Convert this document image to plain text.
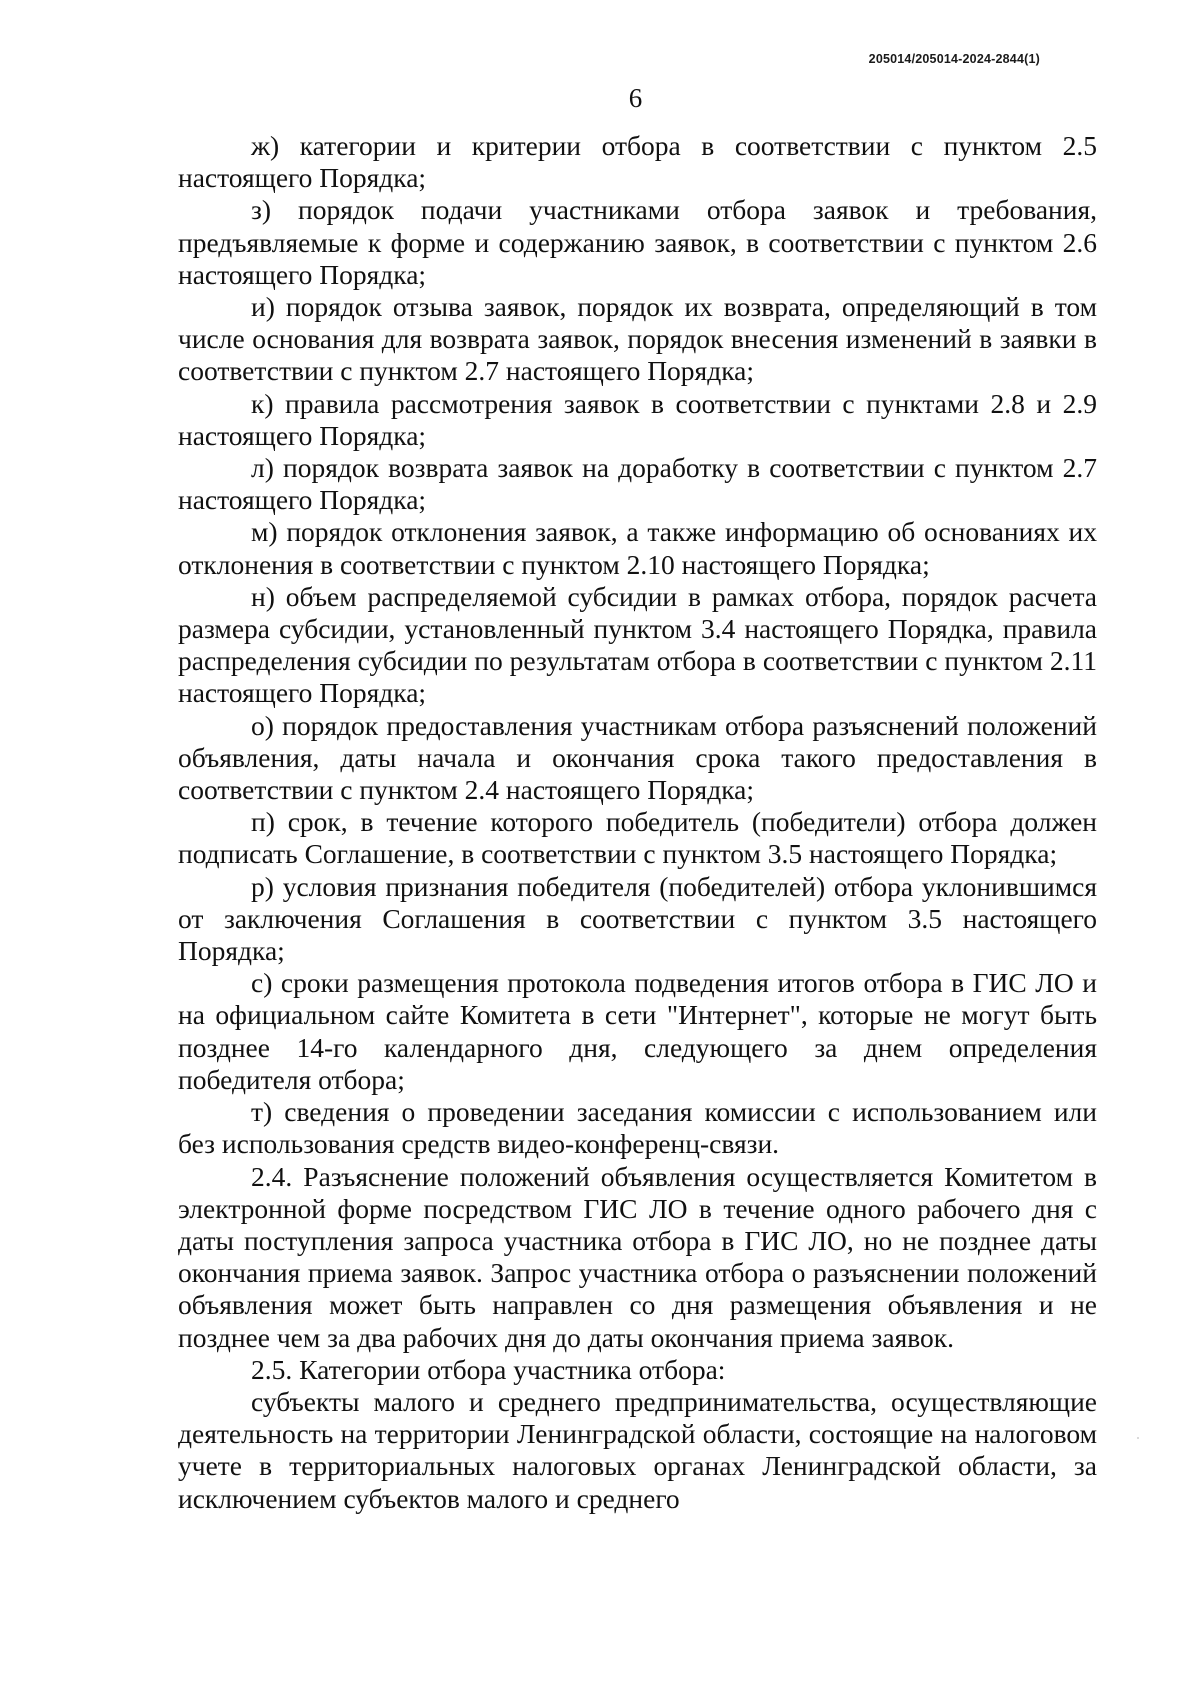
205014/205014-2024-2844(1)
6

ж) категории и критерии отбора в соответствии с пунктом 2.5 настоящего Порядка;

з) порядок подачи участниками отбора заявок и требования, предъявляемые к форме и содержанию заявок, в соответствии с пунктом 2.6 настоящего Порядка;

и) порядок отзыва заявок, порядок их возврата, определяющий в том числе основания для возврата заявок, порядок внесения изменений в заявки в соответствии с пунктом 2.7 настоящего Порядка;

к) правила рассмотрения заявок в соответствии с пунктами 2.8 и 2.9 настоящего Порядка;

л) порядок возврата заявок на доработку в соответствии с пунктом 2.7 настоящего Порядка;

м) порядок отклонения заявок, а также информацию об основаниях их отклонения в соответствии с пунктом 2.10 настоящего Порядка;

н) объем распределяемой субсидии в рамках отбора, порядок расчета размера субсидии, установленный пунктом 3.4 настоящего Порядка, правила распределения субсидии по результатам отбора в соответствии с пунктом 2.11 настоящего Порядка;

о) порядок предоставления участникам отбора разъяснений положений объявления, даты начала и окончания срока такого предоставления в соответствии с пунктом 2.4 настоящего Порядка;

п) срок, в течение которого победитель (победители) отбора должен подписать Соглашение, в соответствии с пунктом 3.5 настоящего Порядка;

р) условия признания победителя (победителей) отбора уклонившимся от заключения Соглашения в соответствии с пунктом 3.5 настоящего Порядка;

с) сроки размещения протокола подведения итогов отбора в ГИС ЛО и на официальном сайте Комитета в сети "Интернет", которые не могут быть позднее 14-го календарного дня, следующего за днем определения победителя отбора;

т) сведения о проведении заседания комиссии с использованием или без использования средств видео-конференц-связи.

2.4. Разъяснение положений объявления осуществляется Комитетом в электронной форме посредством ГИС ЛО в течение одного рабочего дня с даты поступления запроса участника отбора в ГИС ЛО, но не позднее даты окончания приема заявок. Запрос участника отбора о разъяснении положений объявления может быть направлен со дня размещения объявления и не позднее чем за два рабочих дня до даты окончания приема заявок.

2.5. Категории отбора участника отбора:

субъекты малого и среднего предпринимательства, осуществляющие деятельность на территории Ленинградской области, состоящие на налоговом учете в территориальных налоговых органах Ленинградской области, за исключением субъектов малого и среднего
